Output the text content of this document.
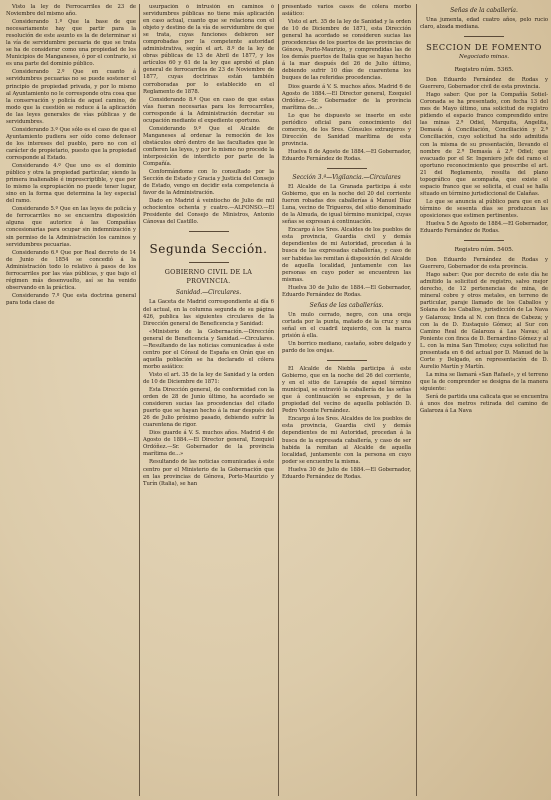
Visto la ley de Ferrocarriles de 23 de Noviembre del mismo año.

Considerando 1.º Que la base de que necesariamente hay que partir para la resolución de este asunto es la de determinar si la vía de servidumbre pecuaria de que se trata se ha de considerar como una propiedad de los Municipios de Manganeses, ó por el contrario, si es una parte del dominio público.

Considerando 2.º Que en cuanto á servidumbres pecuarias no se puede sostener el principio de propiedad privada, y por lo mismo al Ayuntamiento no le corresponde otra cosa que la conservación y policía de aquel camino, de modo que la cuestión se reduce á la aplicación de las leyes generales de vías públicas y de servidumbres.

Considerando 3.º Que sólo es el caso de que el Ayuntamiento pudiera ser oído como defensor de los intereses del pueblo, pero no con el carácter de propietario, puesto que la propiedad corresponde al Estado.

Considerando 4.º Que uno es el dominio público y otra la propiedad particular, siendo la primera inalienable é imprescriptible, y que por lo mismo la expropiación no puede tener lugar, sino en la forma que determina la ley especial del ramo.

Considerando 5.º Que en las leyes de policía y de ferrocarriles no se encuentra disposición alguna que autorice á las Compañías concesionarias para ocupar sin indemnización y sin permiso de la Administración los caminos y servidumbres pecuarias.

Considerando 6.º Que por Real decreto de 14 de Junio de 1854 se concedió á la Administración todo lo relativo á pasos de los ferrocarriles por las vías públicas, y que bajo el régimen más desenvuelto, así se ha venido observando en la práctica.

Considerando 7.º Que esta doctrina general para toda clase de

usurpación ó intrusión en caminos ó servidumbres públicas no tiene más aplicación en caso actual, cuanto que se relaciona con el objeto y destino de la vía de servidumbre de que se trata, cuyas funciones debieron ser comprobadas por la competente autoridad administrativa, según el art. 8.º de la ley de obras públicas de 13 de Abril de 1877, y los artículos 60 y 61 de la ley que aprobó el plan general de ferrocarriles de 23 de Noviembre de 1877, cuyas doctrinas están también corroboradas por lo establecido en el Reglamento de 1878.

Considerando 8.º Que en caso de que estas vías fueran necesarias para los ferrocarriles, corresponde á la Administración decretar su ocupación mediante el expediente oportuno.

Considerando 9.º Que el Alcalde de Manganeses al ordenar la remoción de los obstáculos obró dentro de las facultades que le confieren las leyes, y por lo mismo no procede la interposición de interdicto por parte de la Compañía.

Conformándome con lo consultado por la Sección de Estado y Gracia y Justicia del Consejo de Estado, vengo en decidir esta competencia á favor de la Administración.

Dado en Madrid á veintiocho de Julio de mil ochocientos ochenta y cuatro.—ALFONSO.—El Presidente del Consejo de Ministros, Antonio Cánovas del Castillo.

Segunda Sección.
GOBIERNO CIVIL DE LA PROVINCIA.
Sanidad.—Circulares.

La Gaceta de Madrid correspondiente al día 6 del actual, en la columna segunda de su página 426, publica las siguientes circulares de la Dirección general de Beneficencia y Sanidad:

«Ministerio de la Gobernación.—Dirección general de Beneficencia y Sanidad.—Circulares.—Resultando de las noticias comunicadas á este centro por el Cónsul de España en Orán que en aquella población se ha declarado el cólera morbo asiático:

Visto el art. 35 de la ley de Sanidad y la orden de 10 de Diciembre de 1871:

Esta Dirección general, de conformidad con la orden de 28 de Junio último, ha acordado se consideren sucias las procedencias del citado puerto que se hayan hecho á la mar después del 26 de Julio próximo pasado, debiendo sufrir la cuarentena de rigor.

Dios guarde á V. S. muchos años. Madrid 4 de Agosto de 1884.—El Director general, Ezequiel Ordóñez.—Sr. Gobernador de la provincia marítima de...»

Resultando de las noticias comunicadas á este centro por el Ministerio de la Gobernación que en las provincias de Génova, Porto-Maurizio y Turín (Italia), se han

presentado varios casos de cólera morbo asiático:

Visto el art. 35 de la ley de Sanidad y la orden de 10 de Diciembre de 1871, esta Dirección general ha acordado se consideren sucias las procedencias de los puertos de las provincias de Génova, Porto-Maurizio, y comprendidas las de los demás puertos de Italia que se hayan hecho á la mar después del 26 de Julio último, debiendo sufrir 10 días de cuarentena los buques de las referidas procedencias.

Dios guarde á V. S. muchos años. Madrid 6 de Agosto de 1884.—El Director general, Ezequiel Ordóñez.—Sr. Gobernador de la provincia marítima de...»

Lo que he dispuesto se inserte en este periódico oficial para conocimiento del comercio, de los Sres. Cónsules extranjeros y Dirección de Sanidad marítima de esta provincia.

Huelva 8 de Agosto de 1884.—El Gobernador, Eduardo Fernández de Rodas.

Sección 3.ª—Vigilancia.—Circulares

El Alcalde de La Granada participa á este Gobierno, que en la noche del 20 del corriente fueron robadas dos caballerías á Manuel Díaz Luna, vecino de Trigueros, del sitio denominado de la Almuda, de igual término municipal, cuyas señas se expresan á continuación.

Encargo á los Sres. Alcaldes de los pueblos de esta provincia, Guardia civil y demás dependientes de mi Autoridad, procedan á la busca de las expresadas caballerías, y caso de ser habidas las remitan á disposición del Alcalde de aquella localidad, juntamente con las personas en cuyo poder se encuentren las mismas.

Huelva 30 de Julio de 1884.—El Gobernador, Eduardo Fernández de Rodas.

Señas de las caballerías.

Un mulo cerrado, negro, con una oreja cortada por la punta, matado de la cruz y una señal en el cuadril izquierdo, con la marca prisión á ella.

Un borrico mediano, castaño, sobre delgado y pardo de los orejas.

El Alcalde de Niebla participa á este Gobierno, que en la noche del 26 del corriente, y en el sitio de Lavapiés de aquel término municipal, se extravió la caballería de las señas que á continuación se expresan, y de la propiedad del vecino de aquella población D. Pedro Vicente Fernández.

Encargo á los Sres. Alcaldes de los pueblos de esta provincia, Guardia civil y demás dependientes de mi Autoridad, procedan á la busca de la expresada caballería, y caso de ser habida la remitan al Alcalde de aquella localidad, juntamente con la persona en cuyo poder se encuentre la misma.

Huelva 30 de Julio de 1884.—El Gobernador, Eduardo Fernández de Rodas.

Señas de la caballería.

Una jumenta, edad cuatro años, pelo rucio claro, alzada mediana.

SECCION DE FOMENTO
Negociado minas.
Registro núm. 5365.

Don Eduardo Fernández de Rodas y Guerrero, Gobernador civil de esta provincia.

Hago saber: Que por la Compañía Sotiel-Coronada se ha presentado, con fecha 13 del mes de Mayo último, una solicitud de registro pidiendo el espacio franco comprendido entre las minas 2.ª Odiel, Marquita, Angelita, Demasía á Conciliación, Conciliación y 2.ª Conciliación, cuyo solicitud ha sido admitida con la misma de su presentación, llevando el nombre de 2.ª Demasía á 2.ª Odiel; que evacuado por el Sr. Ingeniero jefe del ramo el oportuno reconocimiento que prescribe el art. 21 del Reglamento, resulta del plano topográfico que acompaña, que existe el espacio franco que se solicita, el cual se halla situado en término jurisdiccional de Calañas.

Lo que se anuncia al público para que en el término de sesenta días se produzcan las oposiciones que estimen pertinentes.

Huelva 5 de Agosto de 1884.—El Gobernador, Eduardo Fernández de Rodas.

Registro núm. 5405.

Don Eduardo Fernández de Rodas y Guerrero, Gobernador de esta provincia.

Hago saber: Que por decreto de este día he admitido la solicitud de registro, salvo mejor derecho, de 12 pertenencias de mina, de mineral cobre y otros metales, en terreno de particular, paraje llamado de los Caballos y Solana de los Caballos, jurisdicción de La Nava y Galaroza; linda al N. con finca de Cabeza; y con la de D. Eustaquio Gómez; al Sur con Camino Real de Galaroza á Las Navas; al Poniente con finca de D. Bernardino Gómez y al L. con la mina San Timoteo; cuya solicitud fue presentada en 6 del actual por D. Manuel de la Corte y Delgado, en representación de D. Aurelio Martín y Martín.

La mina se llamará «San Rafael», y el terreno que la de comprender se designa de la manera siguiente:

Será de partida una calicata que se encuentra á unos dos metros retirada del camino de Galaroza á La Nava
